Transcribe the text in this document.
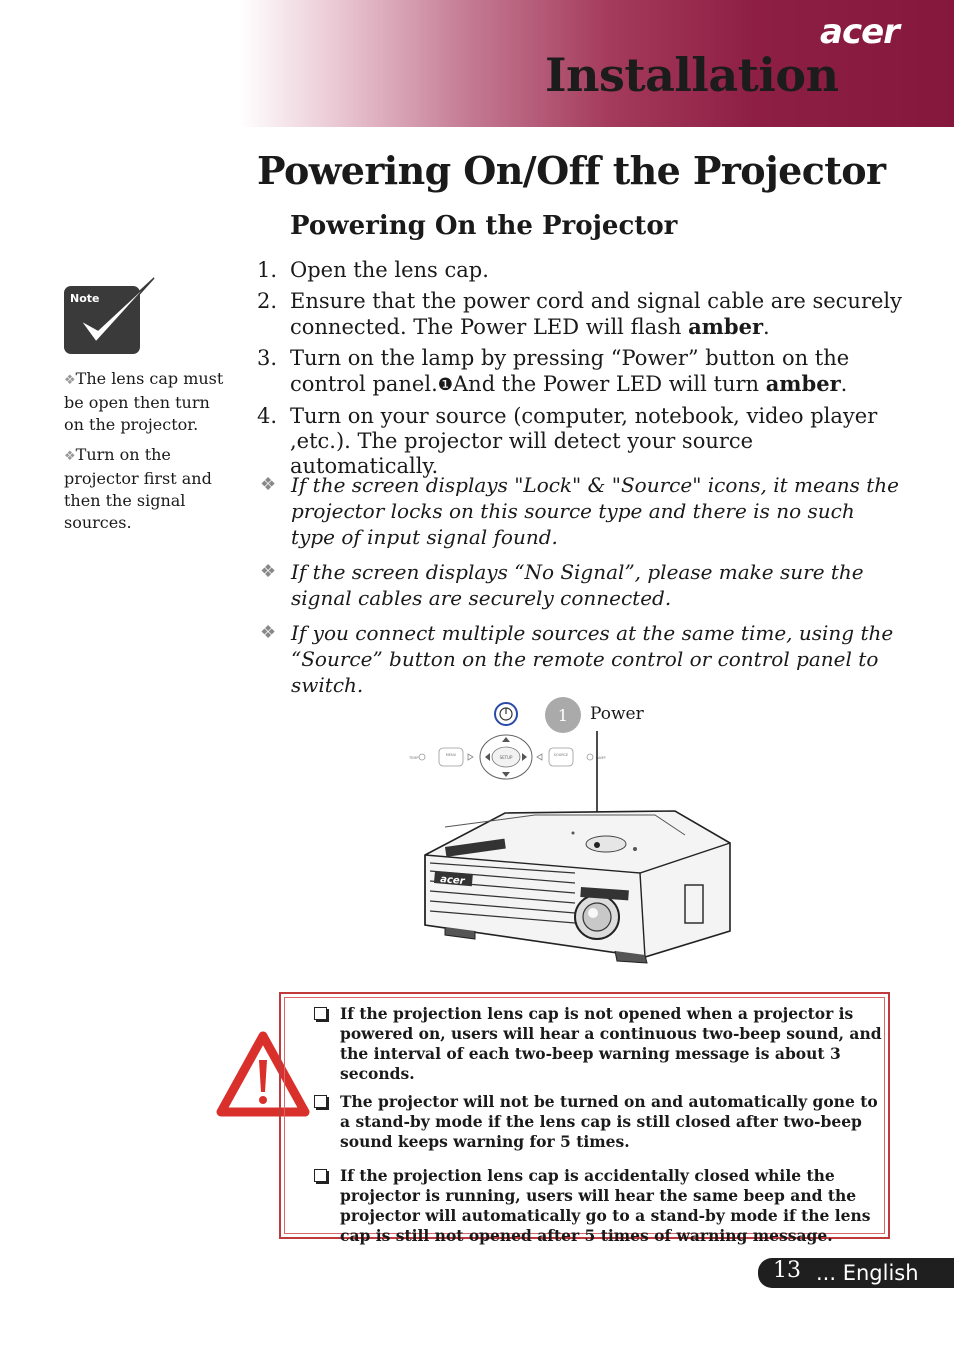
acer
Installation
Powering On/Off the Projector
Powering On the Projector
1. Open the lens cap.
2. Ensure that the power cord and signal cable are securely connected. The Power LED will flash amber.
3. Turn on the lamp by pressing “Power” button on the control panel.❶And the Power LED will turn amber.
4. Turn on your source (computer, notebook, video player ,etc.). The projector will detect your source automatically.
❖ If the screen displays "Lock" & "Source" icons, it means the projector locks on this source type and there is no such type of input signal found.
❖ If the screen displays “No Signal”, please make sure the signal cables are securely connected.
❖ If you connect multiple sources at the same time, using the “Source” button on the remote control or control panel to switch.
Note
❖The lens cap must be open then turn on the projector.
❖Turn on the projector first and then the signal sources.
1 Power
SETUP
MENU	SOURCE
TEMP	LAMP
acer
If the projection lens cap is not opened when a projector is powered on, users will hear a continuous two-beep sound, and the interval of each two-beep warning message is about 3 seconds.
The projector will not be turned on and automatically gone to a stand-by mode if the lens cap is still closed after two-beep sound keeps warning for 5 times.
If the projection lens cap is accidentally closed while the projector is running, users will hear the same beep and the projector will automatically go to a stand-by mode if the lens cap is still not opened after 5 times of warning message.
13 ... English
